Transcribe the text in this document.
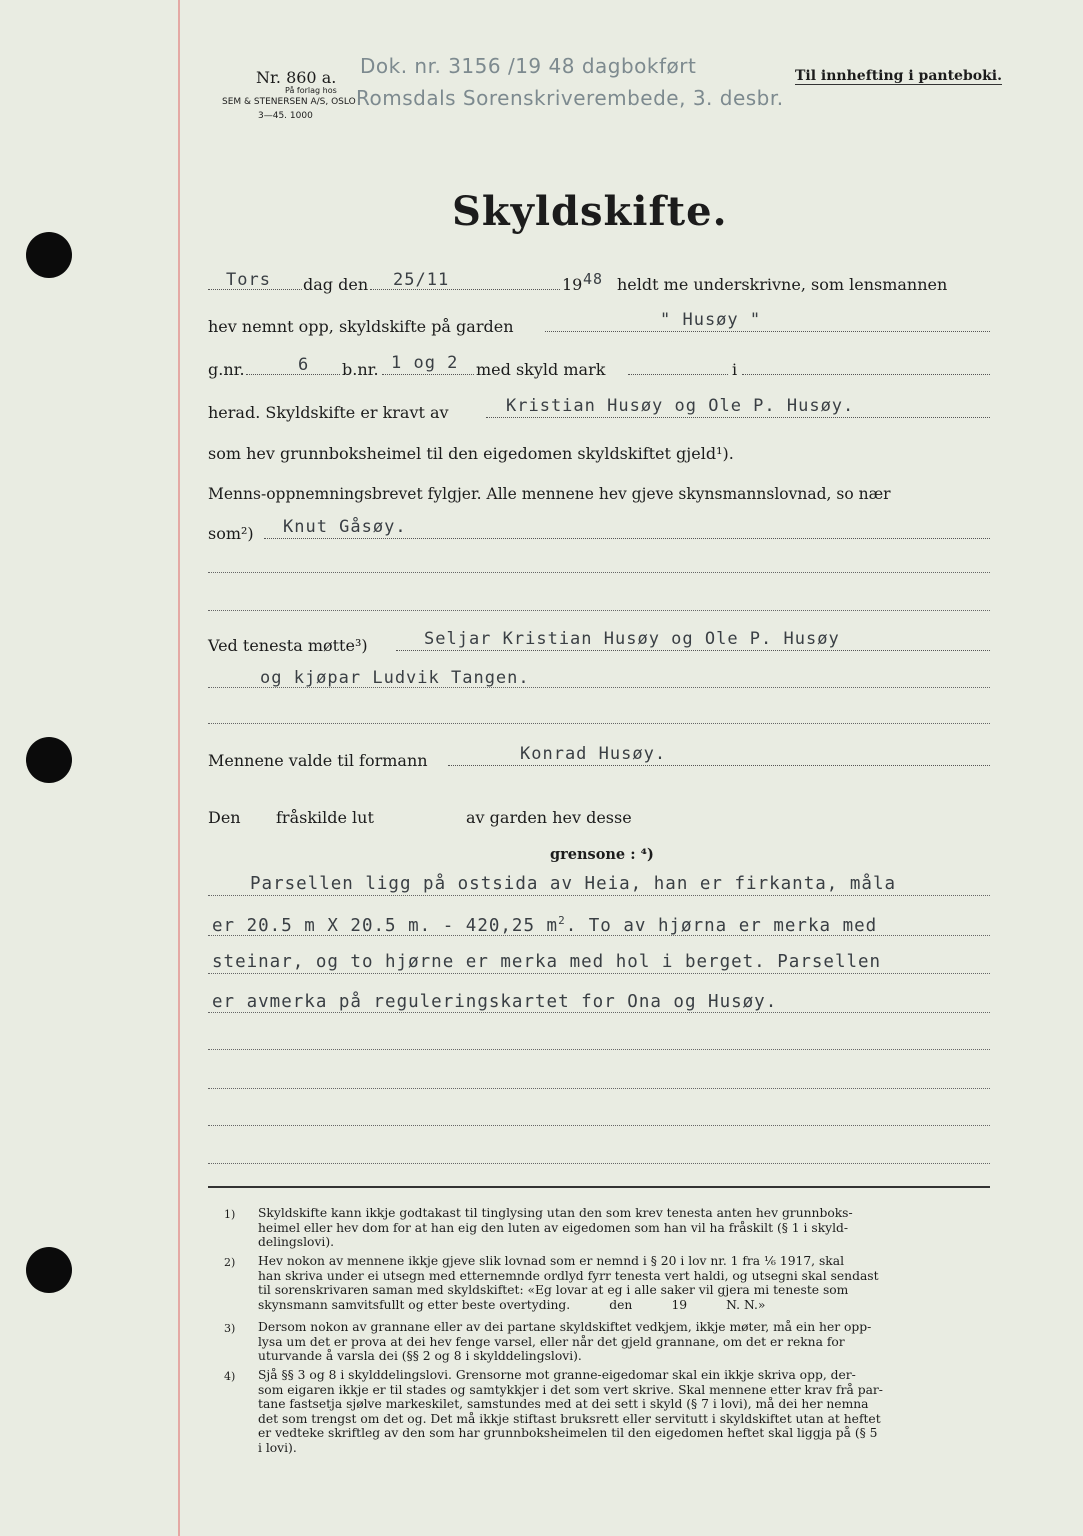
Nr. 860 a.
På forlag hos
SEM & STENERSEN A/S, OSLO
3—45. 1000
Dok. nr. 3156 /19 48 dagbokført
Romsdals Sorenskriverembede, 3. desbr.
Til innhefting i panteboki.
Skyldskifte.
Tors dag den 25/11	19 48 heldt me underskrivne, som lensmannen
hev nemnt opp, skyldskifte på garden	" Husøy "
g.nr.	6 b.nr. 1 og 2 med skyld mark	i
herad. Skyldskifte er kravt av	Kristian Husøy og Ole P. Husøy.
som hev grunnboksheimel til den eigedomen skyldskiftet gjeld¹).
Menns-oppnemningsbrevet fylgjer. Alle mennene hev gjeve skynsmannslovnad, so nær
som²) Knut Gåsøy.
Ved tenesta møtte³)	Seljar Kristian Husøy og Ole P. Husøy
og kjøpar Ludvik Tangen.
Mennene valde til formann	Konrad Husøy.
Den fråskilde lut	av garden hev desse
grensone : ⁴)
Parsellen ligg på ostsida av Heia, han er firkanta, måla
er 20.5 m X 20.5 m. - 420,25 $m^2$. To av hjørna er merka med
steinar, og to hjørne er merka med hol i berget. Parsellen
er avmerka på reguleringskartet for Ona og Husøy.
1) Skyldskifte kann ikkje godtakast til tinglysing utan den som krev tenesta anten hev grunnboks-
heimel eller hev dom for at han eig den luten av eigedomen som han vil ha fråskilt (§ 1 i skyld-
delingslovi).
2) Hev nokon av mennene ikkje gjeve slik lovnad som er nemnd i § 20 i lov nr. 1 fra ⅙ 1917, skal
han skriva under ei utsegn med etternemnde ordlyd fyrr tenesta vert haldi, og utsegni skal sendast
til sorenskrivaren saman med skyldskiftet: «Eg lovar at eg i alle saker vil gjera mi teneste som
skynsmann samvitsfullt og etter beste overtyding.          den          19          N. N.»
3) Dersom nokon av grannane eller av dei partane skyldskiftet vedkjem, ikkje møter, må ein her opp-
lysa um det er prova at dei hev fenge varsel, eller når det gjeld grannane, om det er rekna for
uturvande å varsla dei (§§ 2 og 8 i skylddelingslovi).
4) Sjå §§ 3 og 8 i skylddelingslovi. Grensorne mot granne-eigedomar skal ein ikkje skriva opp, der-
som eigaren ikkje er til stades og samtykkjer i det som vert skrive. Skal mennene etter krav frå par-
tane fastsetja sjølve markeskilet, samstundes med at dei sett i skyld (§ 7 i lovi), må dei her nemna
det som trengst om det og. Det må ikkje stiftast bruksrett eller servitutt i skyldskiftet utan at heftet
er vedteke skriftleg av den som har grunnboksheimelen til den eigedomen heftet skal liggja på (§ 5
i lovi).
